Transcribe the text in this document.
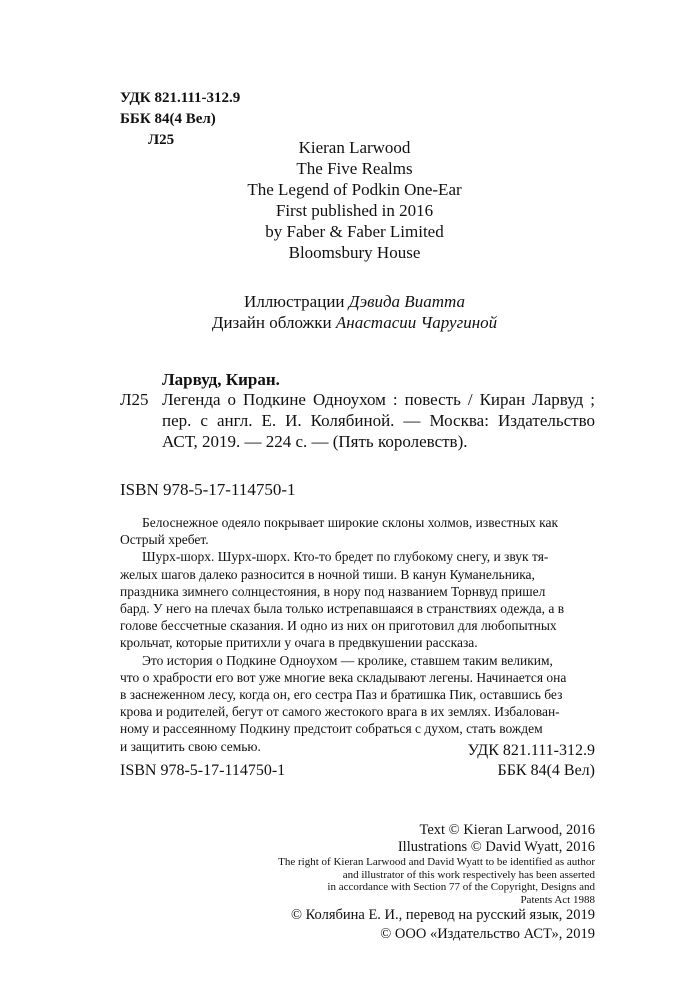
УДК 821.111-312.9
ББК 84(4 Вел)
Л25	Kieran Larwood
The Five Realms
The Legend of Podkin One-Ear
First published in 2016
by Faber & Faber Limited
Bloomsbury House
Иллюстрации Дэвида Виатта
Дизайн обложки Анастасии Чаругиной
Ларвуд, Киран.
Л25 Легенда о Подкине Одноухом : повесть / Киран Ларвуд ; пер. с англ. Е. И. Колябиной. — Москва: Издательство АСТ, 2019. — 224 с. — (Пять королевств).
ISBN 978-5-17-114750-1
Белоснежное одеяло покрывает широкие склоны холмов, известных как
Острый хребет.
Шурх-шорх. Шурх-шорх. Кто-то бредет по глубокому снегу, и звук тя-
желых шагов далеко разносится в ночной тиши. В канун Куманельника,
праздника зимнего солнцестояния, в нору под названием Торнвуд пришел
бард. У него на плечах была только истрепавшаяся в странствиях одежда, а в
голове бессчетные сказания. И одно из них он приготовил для любопытных
крольчат, которые притихли у очага в предвкушении рассказа.
Это история о Подкине Одноухом — кролике, ставшем таким великим,
что о храбрости его вот уже многие века складывают легены. Начинается она
в заснеженном лесу, когда он, его сестра Паз и братишка Пик, оставшись без
крова и родителей, бегут от самого жестокого врага в их землях. Избалован-
ному и рассеянному Подкину предстоит собраться с духом, стать вождем
и защитить свою семью.	УДК 821.111-312.9
ББК 84(4 Вел)
ISBN 978-5-17-114750-1
Text © Kieran Larwood, 2016
Illustrations © David Wyatt, 2016
The right of Kieran Larwood and David Wyatt to be identified as author
and illustrator of this work respectively has been asserted
in accordance with Section 77 of the Copyright, Designs and
Patents Act 1988
© Колябина Е. И., перевод на русский язык, 2019
© ООО «Издательство АСТ», 2019
